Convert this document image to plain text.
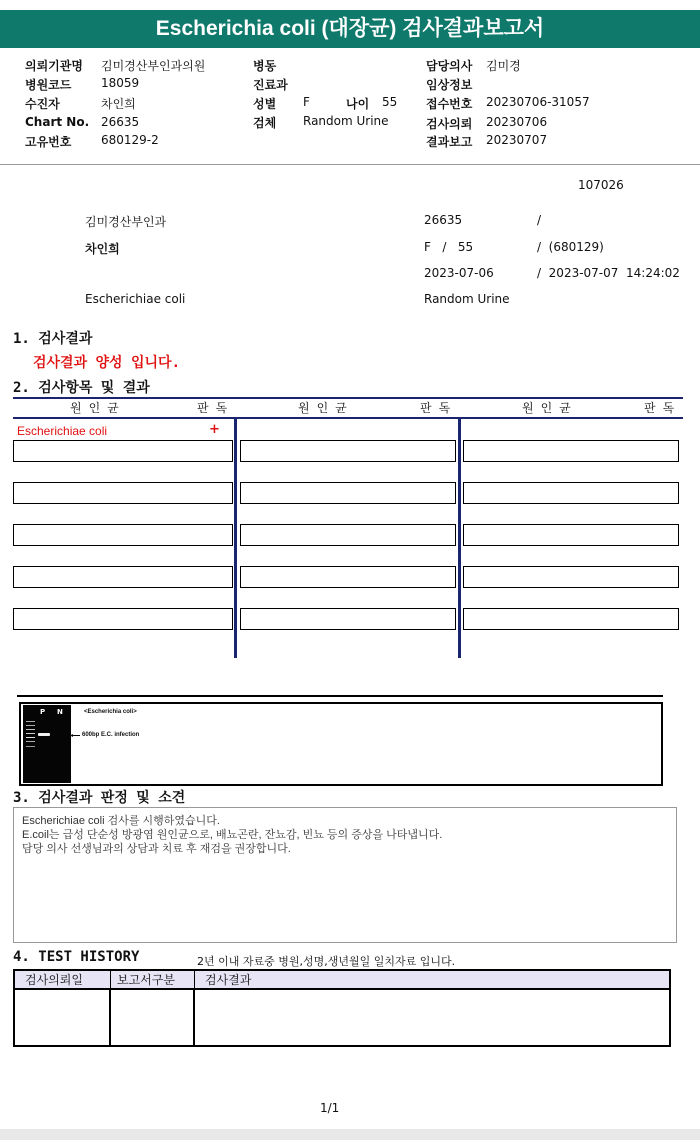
Escherichia coli (대장균) 검사결과보고서
의뢰기관명 김미경산부인과의원
병원코드 18059
수진자	차인희
Chart No. 26635
고유번호 680129-2
병동
진료과
성별 F	나이 55
검체 Random Urine
담당의사 김미경
임상정보
접수번호 20230706-31057
검사의뢰 20230706
결과보고 20230707
107026
김미경산부인과	26635	/
차인희	F   /   55	/  (680129)
2023-07-06	/  2023-07-07  14:24:02
Escherichiae coli	Random Urine
1. 검사결과
검사결과 양성 입니다.
2. 검사항목 및 결과
원인균	판독	원인균	판독	원인균	판독
Escherichiae coli	+
P N	<Escherichia coli>
◂ 600bp E.C. infection
3. 검사결과 판정 및 소견
Escherichiae coli 검사를 시행하였습니다.
E.coil는 급성 단순성 방광염 원인균으로, 배뇨곤란, 잔뇨감, 빈뇨 등의 증상을 나타냅니다.
담당 의사 선생님과의 상담과 치료 후 재검을 권장합니다.
4. TEST HISTORY	2년 이내 자료중 병원,성명,생년월일 일치자료 입니다.
검사의뢰일	보고서구분	검사결과
1/1
